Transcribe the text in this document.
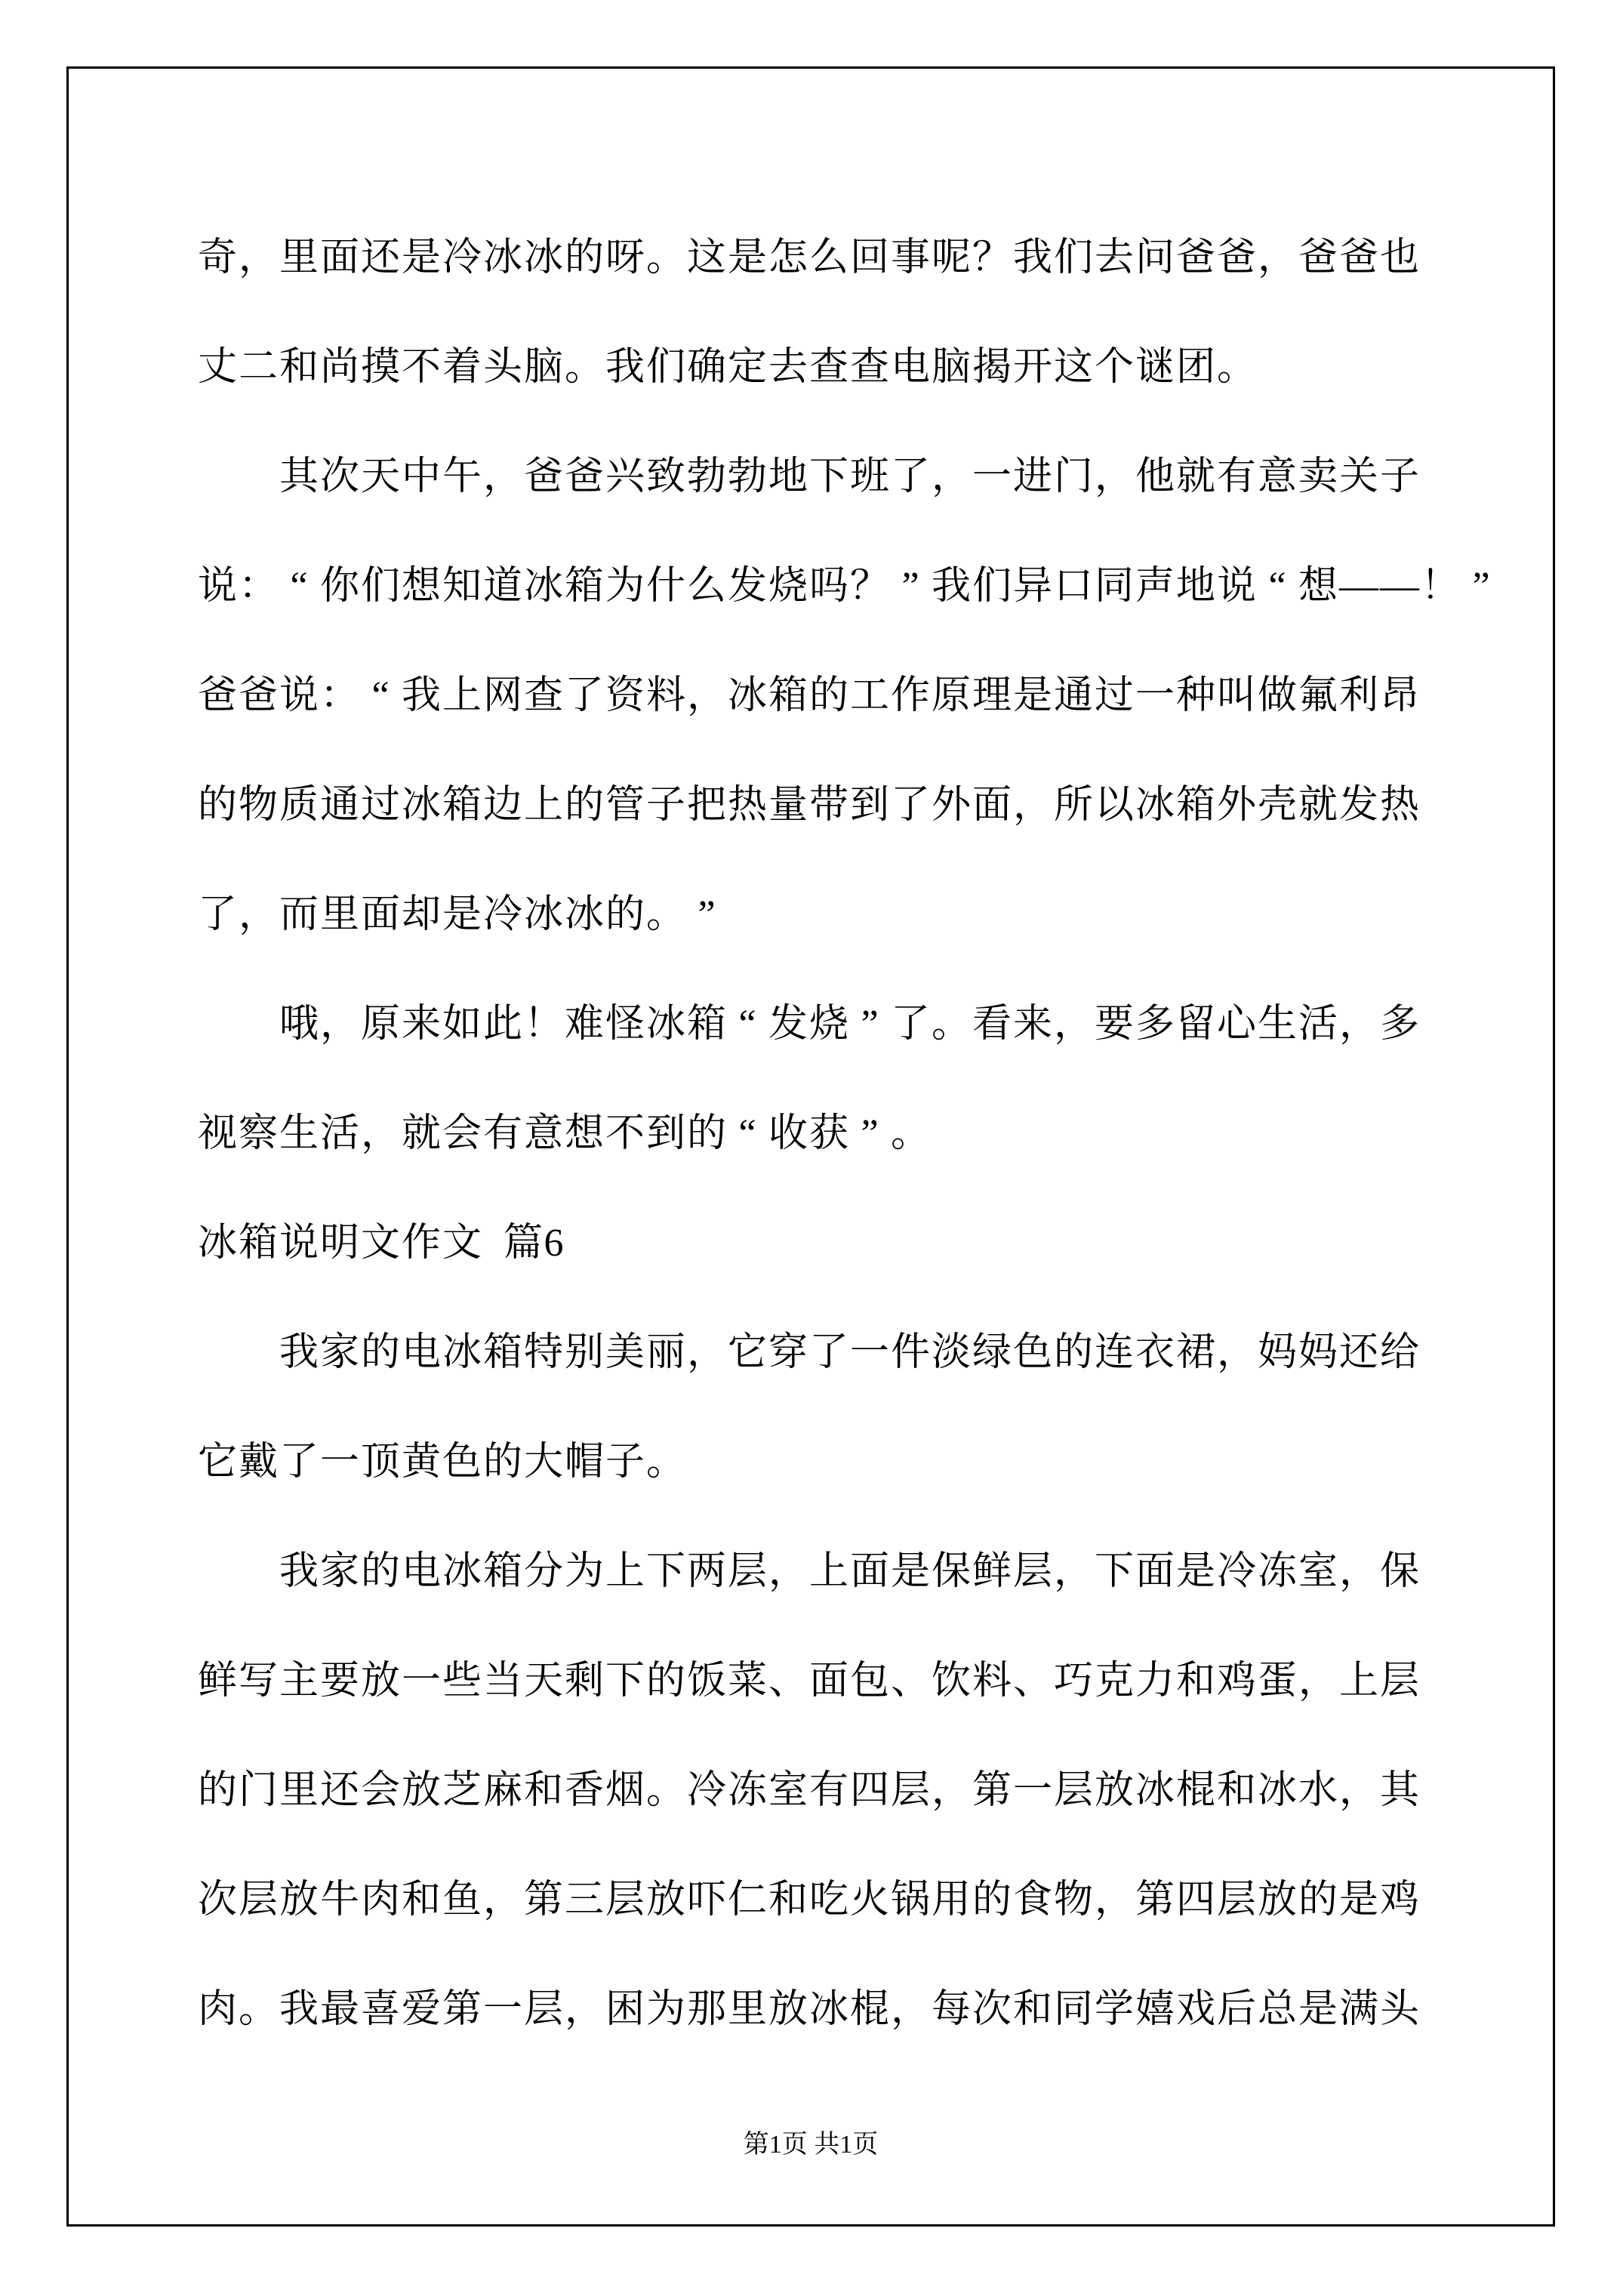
奇，里面还是冷冰冰的呀。这是怎么回事呢？我们去问爸爸，爸爸也
丈二和尚摸不着头脑。我们确定去查查电脑揭开这个谜团。
其次天中午，爸爸兴致勃勃地下班了，一进门，他就有意卖关子
说： “ 你们想知道冰箱为什么发烧吗？ ” 我们异口同声地说 “ 想——！ ”
爸爸说： “ 我上网查了资料，冰箱的工作原理是通过一种叫做氟利昂
的物质通过冰箱边上的管子把热量带到了外面，所以冰箱外壳就发热
了，而里面却是冷冰冰的。 ”
哦，原来如此！难怪冰箱 “ 发烧 ” 了。看来，要多留心生活，多
视察生活，就会有意想不到的 “ 收获 ” 。
冰箱说明文作文 篇6
我家的电冰箱特别美丽，它穿了一件淡绿色的连衣裙，妈妈还给
它戴了一顶黄色的大帽子。
我家的电冰箱分为上下两层，上面是保鲜层，下面是冷冻室，保
鲜写主要放一些当天剩下的饭菜、面包、饮料、巧克力和鸡蛋，上层
的门里还会放芝麻和香烟。冷冻室有四层，第一层放冰棍和冰水，其
次层放牛肉和鱼，第三层放吓仁和吃火锅用的食物，第四层放的是鸡
肉。我最喜爱第一层，困为那里放冰棍，每次和同学嬉戏后总是满头
第1页 共1页
